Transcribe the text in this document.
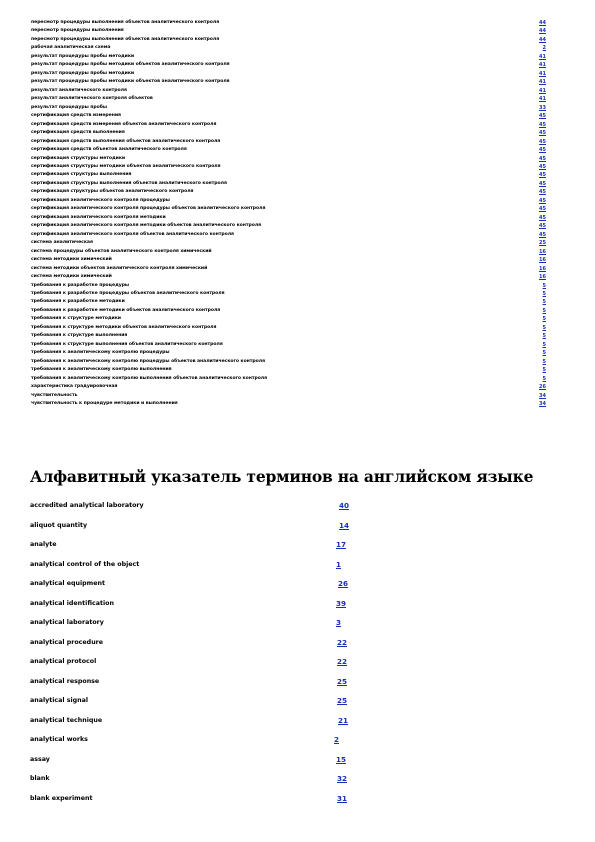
пересмотр процедуры выполнения объектов аналитического контроля	44
пересмотр процедуры выполнения	44
пересмотр процедуры выполнения объектов аналитического контроля	44
рабочая аналитическая схема	2
результат процедуры пробы методики	41
результат процедуры пробы методики объектов аналитического контроля	41
результат процедуры пробы методики	41
результат процедуры пробы методики объектов аналитического контроля	41
результат аналитического контроля	41
результат аналитического контроля объектов	41
результат процедуры пробы	33
сертификация средств измерения	45
сертификация средств измерения объектов аналитического контроля	45
сертификация средств выполнения	45
сертификация средств выполнения объектов аналитического контроля	45
сертификация средств объектов аналитического контроля	45
сертификация структуры методики	45
сертификация структуры методики объектов аналитического контроля	45
сертификация структуры выполнения	45
сертификация структуры выполнения объектов аналитического контроля	45
сертификация структуры объектов аналитического контроля	45
сертификация аналитического контроля процедуры	45
сертификация аналитического контроля процедуры объектов аналитического контроля	45
сертификация аналитического контроля методики	45
сертификация аналитического контроля методики объектов аналитического контроля	45
сертификация аналитического контроля объектов аналитического контроля	45
система аналитическая	25
система процедуры объектов аналитического контроля химический	16
система методики химический	16
система методики объектов аналитического контроля химический	16
система методики химический	16
требования к разработке процедуры	5
требования к разработке процедуры объектов аналитического контроля	5
требования к разработке методики	5
требования к разработке методики объектов аналитического контроля	5
требования к структуре методики	5
требования к структуре методики объектов аналитического контроля	5
требования к структуре выполнения	5
требования к структуре выполнения объектов аналитического контроля	5
требования к аналитическому контролю процедуры	5
требования к аналитическому контролю процедуры объектов аналитического контроля	5
требования к аналитическому контролю выполнения	5
требования к аналитическому контролю выполнения объектов аналитического контроля	5
характеристика градуировочная	26
чувствительность	34
чувствительность к процедуре методики и выполнения	34
Алфавитный указатель терминов на английском языке
accredited analytical laboratory	40
aliquot quantity	14
analyte	17
analytical control of the object	1
analytical equipment	26
analytical identification	39
analytical laboratory	3
analytical procedure	22
analytical protocol	22
analytical response	25
analytical signal	25
analytical technique	21
analytical works	2
assay	15
blank	32
blank experiment	31
